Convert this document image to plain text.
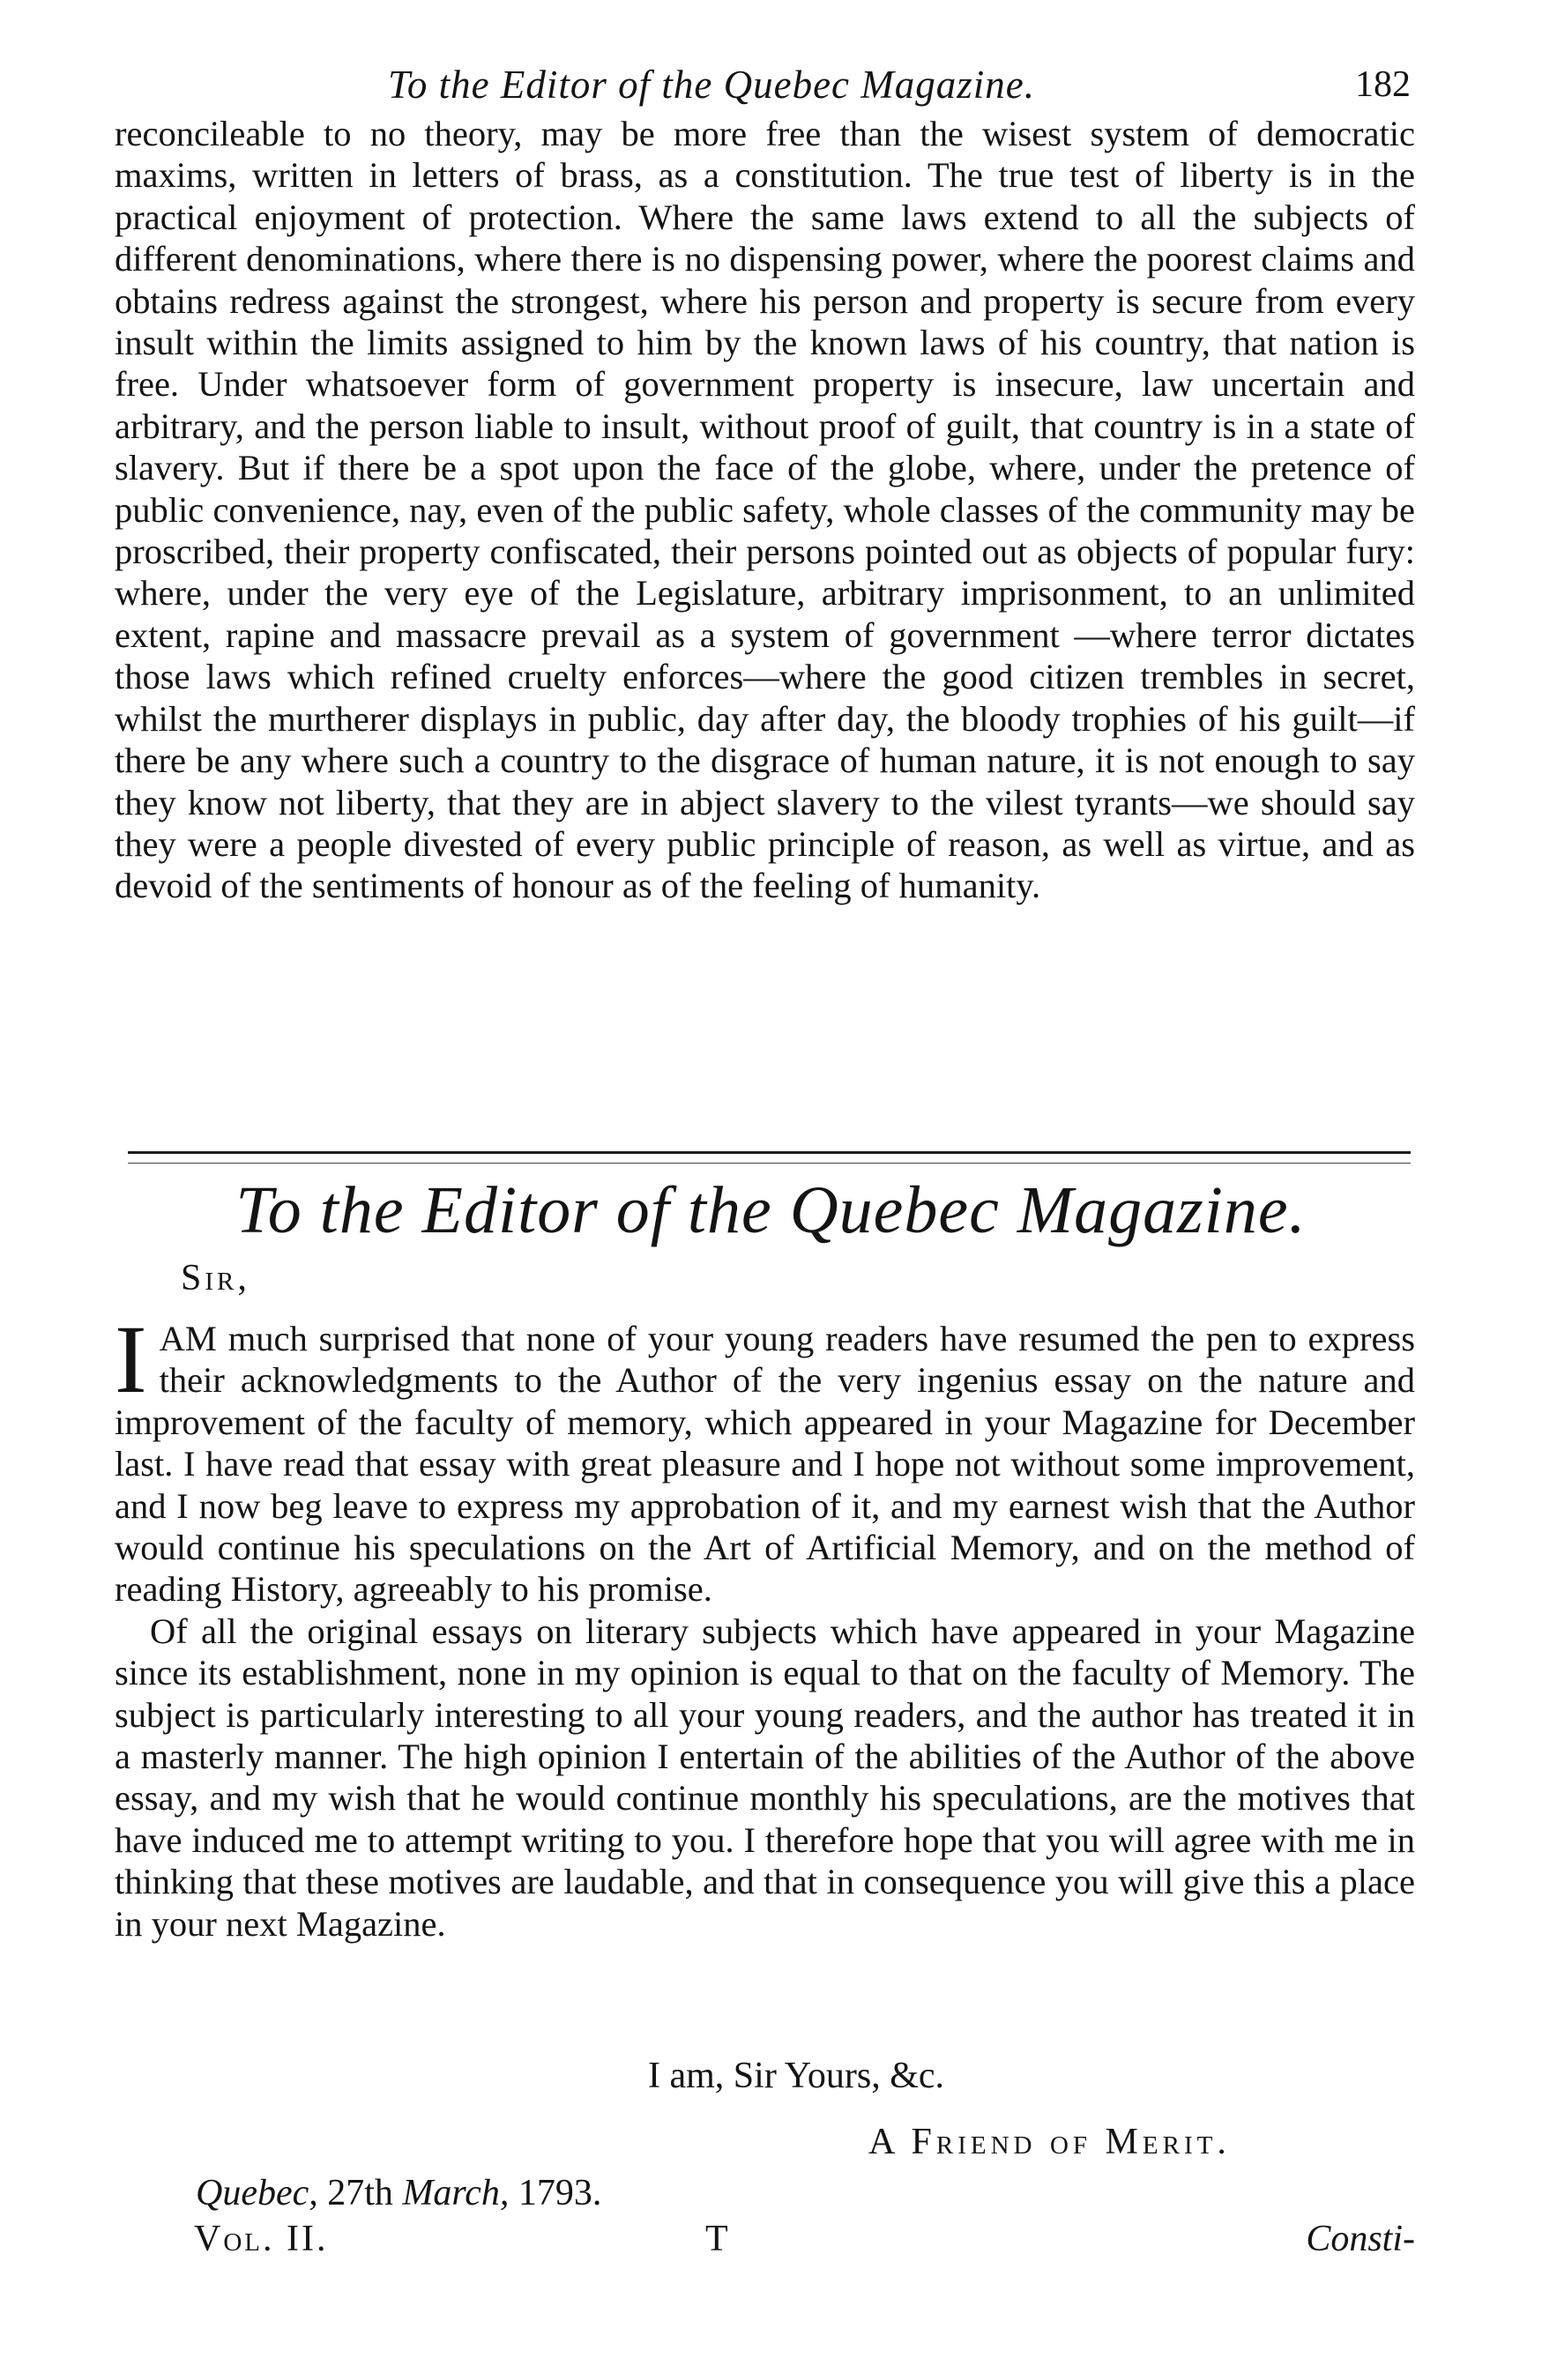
To the Editor of the Quebec Magazine.	182

reconcileable to no theory, may be more free than the wisest system of democratic maxims, written in letters of brass, as a constitution. The true test of liberty is in the practical enjoyment of protection. Where the same laws extend to all the subjects of different denominations, where there is no dispensing power, where the poorest claims and obtains redress against the strongest, where his person and property is secure from every insult within the limits assigned to him by the known laws of his country, that nation is free. Under whatsoever form of government property is insecure, law uncertain and arbitrary, and the person liable to insult, without proof of guilt, that country is in a state of slavery. But if there be a spot upon the face of the globe, where, under the pretence of public convenience, nay, even of the public safety, whole classes of the community may be proscribed, their property confiscated, their persons pointed out as objects of popular fury: where, under the very eye of the Legislature, arbitrary imprisonment, to an unlimited extent, rapine and massacre prevail as a system of government —where terror dictates those laws which refined cruelty enforces—where the good citizen trembles in secret, whilst the murtherer displays in public, day after day, the bloody trophies of his guilt—if there be any where such a country to the disgrace of human nature, it is not enough to say they know not liberty, that they are in abject slavery to the vilest tyrants—we should say they were a people divested of every public principle of reason, as well as virtue, and as devoid of the sentiments of honour as of the feeling of humanity.

To the Editor of the Quebec Magazine.
Sir,

IAM much surprised that none of your young readers have resumed the pen to express their acknowledgments to the Author of the very ingenius essay on the nature and improvement of the faculty of memory, which appeared in your Magazine for December last. I have read that essay with great pleasure and I hope not without some improvement, and I now beg leave to express my approbation of it, and my earnest wish that the Author would continue his speculations on the Art of Artificial Memory, and on the method of reading History, agreeably to his promise.

Of all the original essays on literary subjects which have appeared in your Magazine since its establishment, none in my opinion is equal to that on the faculty of Memory. The subject is particularly interesting to all your young readers, and the author has treated it in a masterly manner. The high opinion I entertain of the abilities of the Author of the above essay, and my wish that he would continue monthly his speculations, are the motives that have induced me to attempt writing to you. I therefore hope that you will agree with me in thinking that these motives are laudable, and that in consequence you will give this a place in your next Magazine.

I am, Sir Yours, &c.
A Friend of Merit.
Quebec, 27th March, 1793.
Vol. II.	T	Consti-
